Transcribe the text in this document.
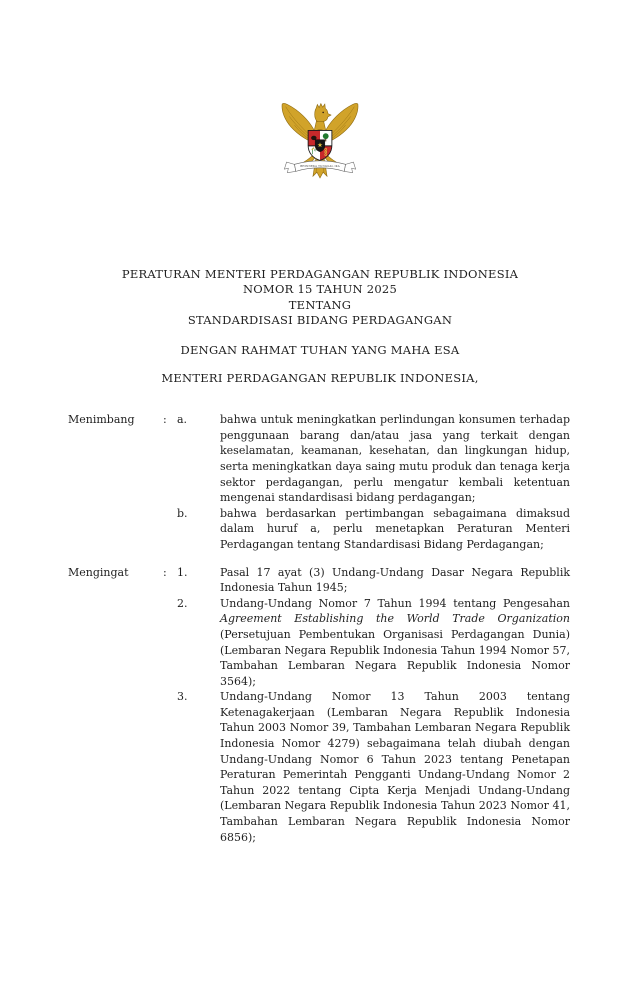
BHINNEKA TUNGGAL IKA
PERATURAN MENTERI PERDAGANGAN REPUBLIK INDONESIA
NOMOR 15 TAHUN 2025
TENTANG
STANDARDISASI BIDANG PERDAGANGAN
DENGAN RAHMAT TUHAN YANG MAHA ESA
MENTERI PERDAGANGAN REPUBLIK INDONESIA,
Menimbang	: a.	bahwa untuk meningkatkan perlindungan konsumen terhadap penggunaan barang dan/atau jasa yang terkait dengan keselamatan, keamanan, kesehatan, dan lingkungan hidup, serta meningkatkan daya saing mutu produk dan tenaga kerja sektor perdagangan, perlu mengatur kembali ketentuan mengenai standardisasi bidang perdagangan;
b.	bahwa berdasarkan pertimbangan sebagaimana dimaksud dalam huruf a, perlu menetapkan Peraturan Menteri Perdagangan tentang Standardisasi Bidang Perdagangan;
Mengingat	: 1.	Pasal 17 ayat (3) Undang-Undang Dasar Negara Republik Indonesia Tahun 1945;
2.	Undang-Undang Nomor 7 Tahun 1994 tentang Pengesahan Agreement Establishing the World Trade Organization (Persetujuan Pembentukan Organisasi Perdagangan Dunia) (Lembaran Negara Republik Indonesia Tahun 1994 Nomor 57, Tambahan Lembaran Negara Republik Indonesia Nomor 3564);
3.	Undang-Undang Nomor 13 Tahun 2003 tentang Ketenagakerjaan (Lembaran Negara Republik Indonesia Tahun 2003 Nomor 39, Tambahan Lembaran Negara Republik Indonesia Nomor 4279) sebagaimana telah diubah dengan Undang-Undang Nomor 6 Tahun 2023 tentang Penetapan Peraturan Pemerintah Pengganti Undang-Undang Nomor 2 Tahun 2022 tentang Cipta Kerja Menjadi Undang-Undang (Lembaran Negara Republik Indonesia Tahun 2023 Nomor 41, Tambahan Lembaran Negara Republik Indonesia Nomor 6856);
